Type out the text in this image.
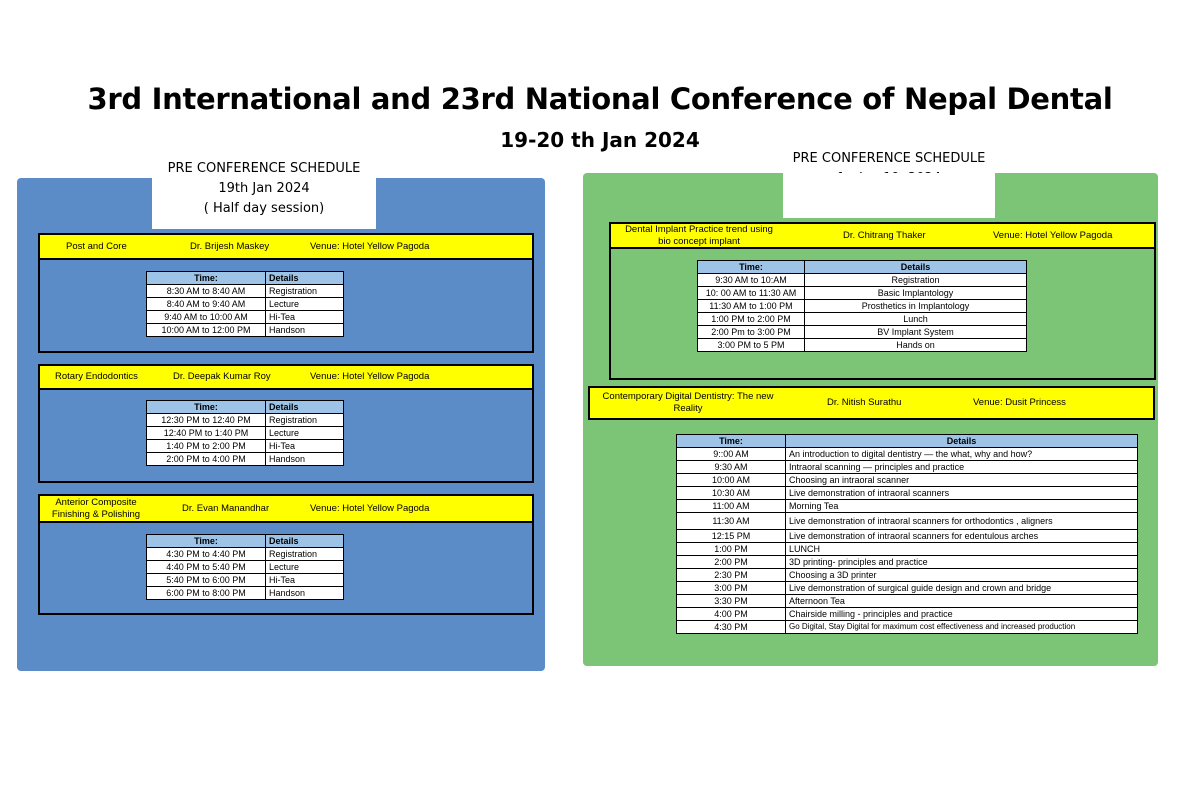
3rd International and 23rd National Conference of Nepal Dental
19-20 th Jan 2024
PRE CONFERENCE SCHEDULE
19th Jan 2024
( Half day session)
Post and Core	Dr. Brijesh Maskey	Venue: Hotel Yellow Pagoda
Time:	Details
8:30 AM to 8:40 AM	Registration
8:40 AM to 9:40 AM	Lecture
9:40 AM to 10:00 AM	Hi-Tea
10:00 AM to 12:00 PM	Handson
Rotary Endodontics	Dr. Deepak Kumar Roy	Venue: Hotel Yellow Pagoda
Time:	Details
12:30 PM to 12:40 PM	Registration
12:40 PM to 1:40 PM	Lecture
1:40 PM to 2:00 PM	Hi-Tea
2:00 PM to 4:00 PM	Handson
Anterior Composite Finishing & Polishing
Dr. Evan Manandhar	Venue: Hotel Yellow Pagoda
Time:	Details
4:30 PM to 4:40 PM	Registration
4:40 PM to 5:40 PM	Lecture
5:40 PM to 6:00 PM	Hi-Tea
6:00 PM to 8:00 PM	Handson
PRE CONFERENCE SCHEDULE
Dental Implant Practice trend using bio concept implant
Dr. Chitrang Thaker	Venue: Hotel Yellow Pagoda
Time:	Details
9:30 AM to 10:AM	Registration
10: 00 AM to 11:30 AM	Basic Implantology
11:30 AM to 1:00 PM	Prosthetics in Implantology
1:00 PM to 2:00 PM	Lunch
2:00 Pm to 3:00 PM	BV Implant System
3:00 PM to 5 PM	Hands on
Contemporary Digital Dentistry: The new Reality
Dr. Nitish Surathu	Venue: Dusit Princess
Time:	Details
9::00 AM	An introduction to digital dentistry — the what, why and how?
9:30 AM	Intraoral scanning — principles and practice
10:00 AM	Choosing an intraoral scanner
10:30 AM	Live demonstration of intraoral scanners
11:00 AM	Morning Tea
11:30 AM	Live demonstration of intraoral scanners for orthodontics , aligners
12:15 PM	Live demonstration of intraoral scanners for edentulous arches
1:00 PM	LUNCH
2:00 PM	3D printing- principles and practice
2:30 PM	Choosing a 3D printer
3:00 PM	Live demonstration of surgical guide design and crown and bridge
3:30 PM	Afternoon Tea
4:00 PM	Chairside milling - principles and practice
4:30 PM	Go Digital, Stay Digital for maximum cost effectiveness and increased production
